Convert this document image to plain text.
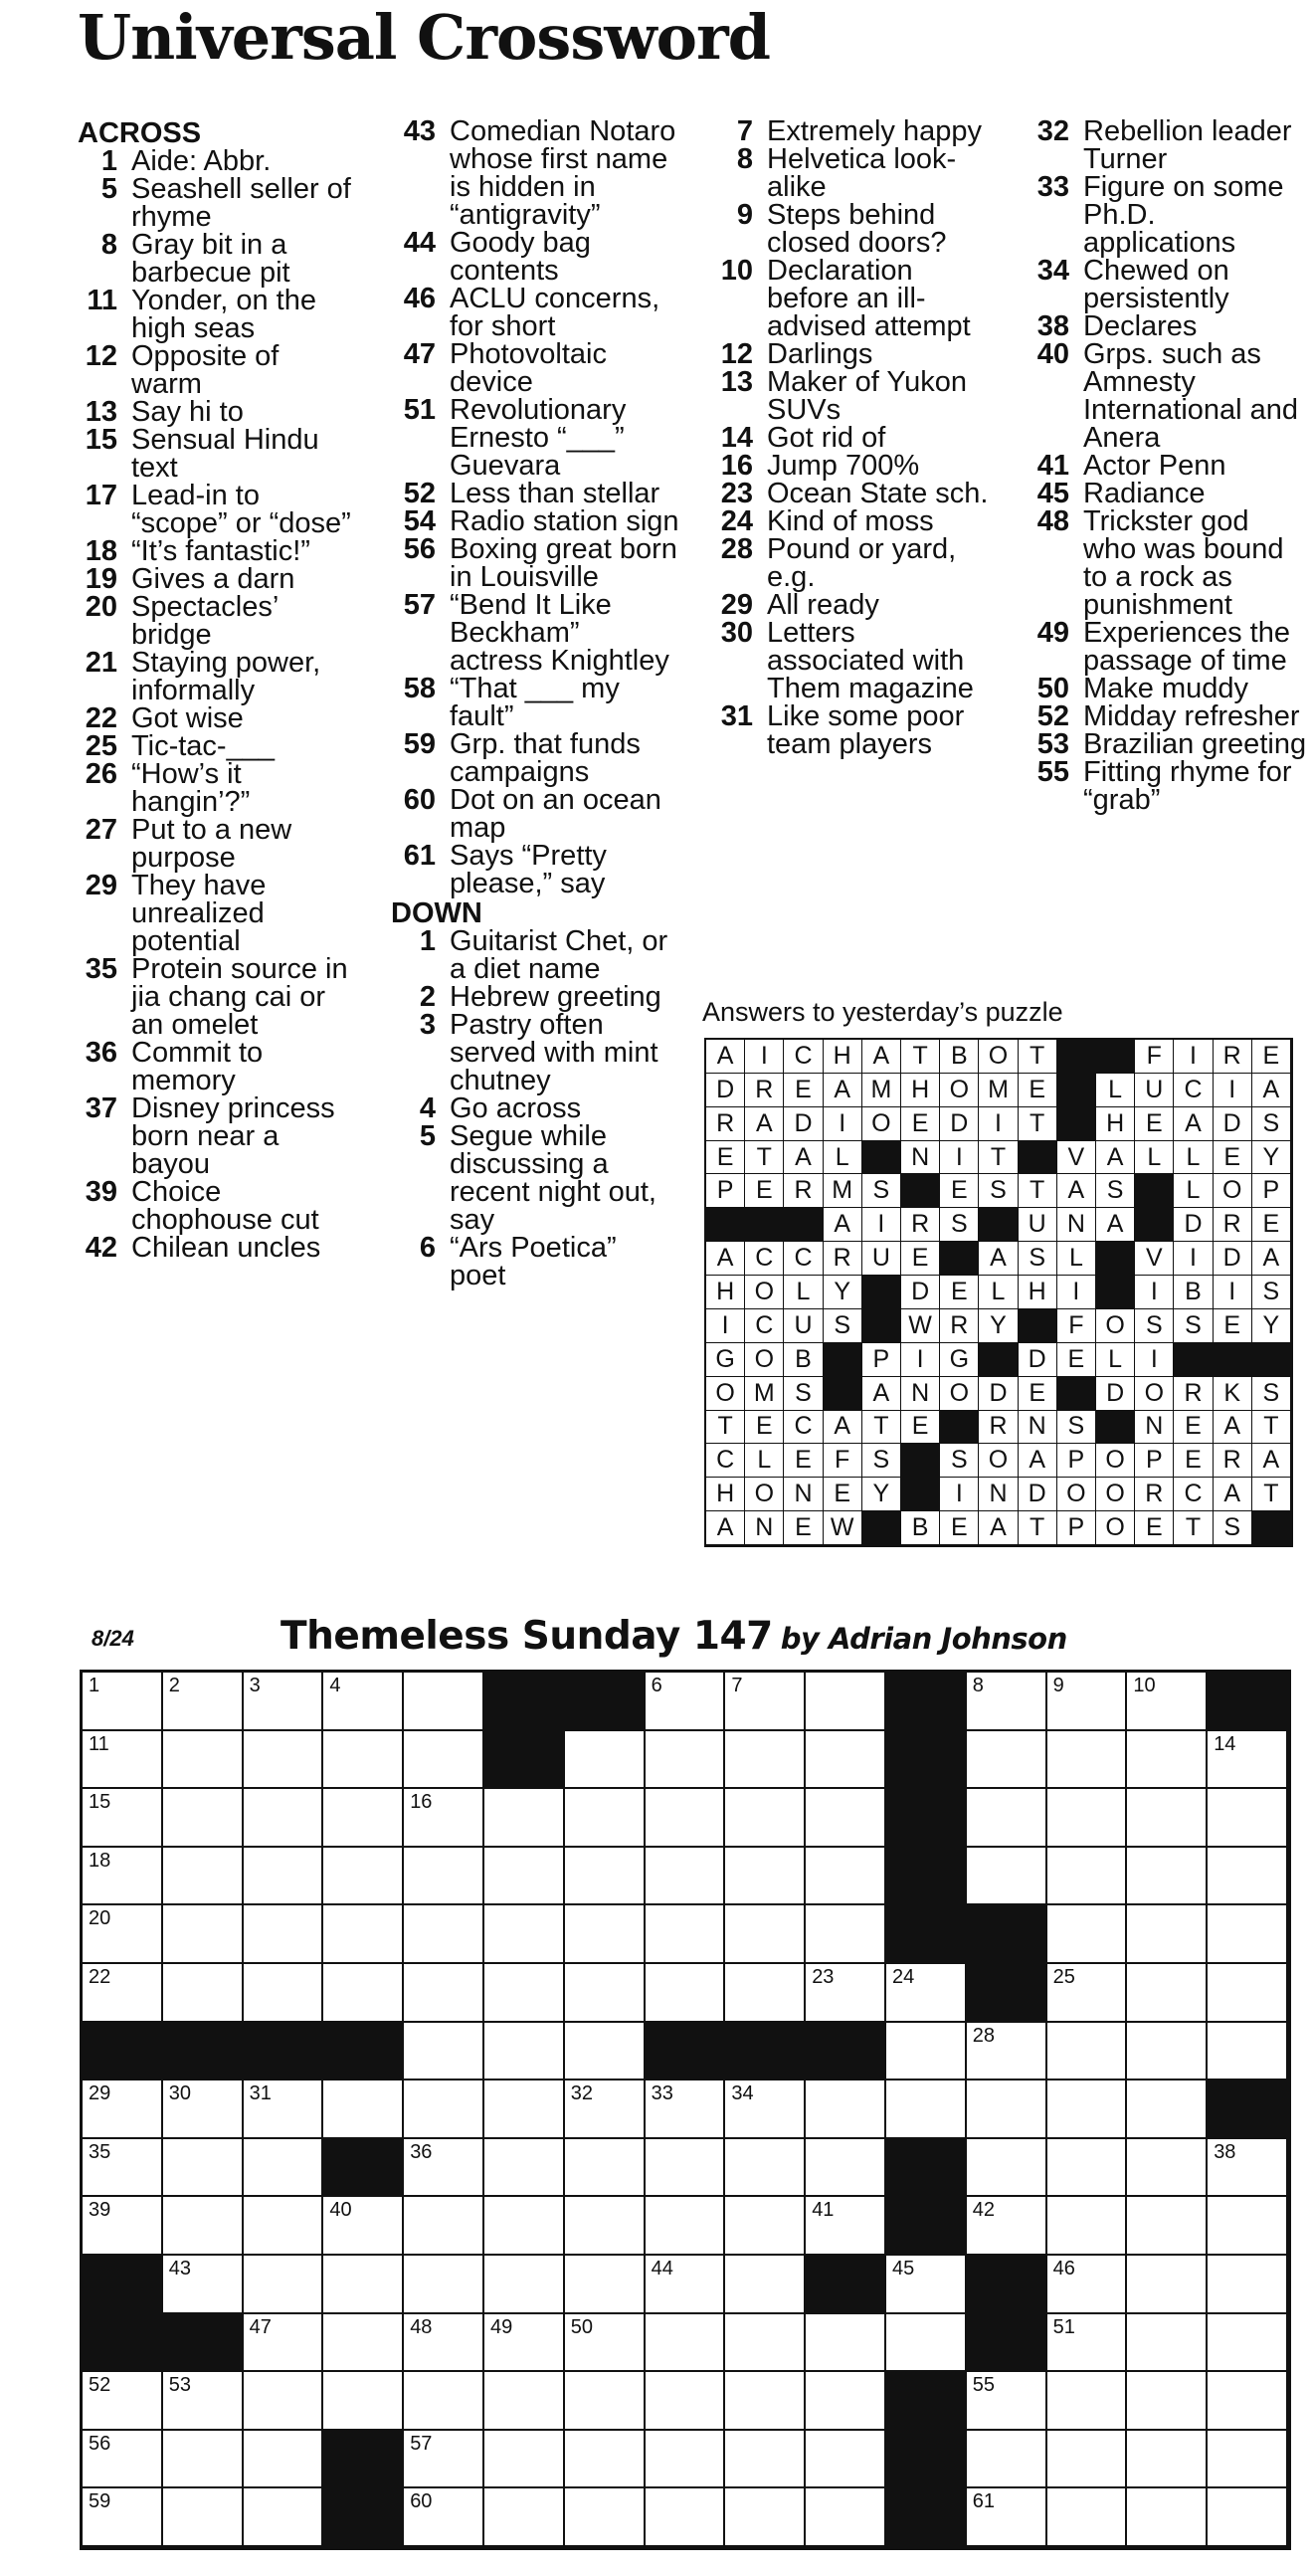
Universal Crossword
ACROSS
1 Aide: Abbr.
5 Seashell seller of rhyme
8 Gray bit in a barbecue pit
11 Yonder, on the high seas
12 Opposite of warm
13 Say hi to
15 Sensual Hindu text
17 Lead-in to “scope” or “dose”
18 “It’s fantastic!”
19 Gives a darn
20 Spectacles’ bridge
21 Staying power, informally
22 Got wise
25 Tic-tac-___
26 “How’s it hangin’?”
27 Put to a new purpose
29 They have unrealized potential
35 Protein source in jia chang cai or an omelet
36 Commit to memory
37 Disney princess born near a bayou
39 Choice chophouse cut
42 Chilean uncles
43 Comedian Notaro whose first name is hidden in “antigravity”
44 Goody bag contents
46 ACLU concerns, for short
47 Photovoltaic device
51 Revolutionary Ernesto “___” Guevara
52 Less than stellar
54 Radio station sign
56 Boxing great born in Louisville
57 “Bend It Like Beckham” actress Knightley
58 “That ___ my fault”
59 Grp. that funds campaigns
60 Dot on an ocean map
61 Says “Pretty please,” say
DOWN
1 Guitarist Chet, or a diet name
2 Hebrew greeting
3 Pastry often served with mint chutney
4 Go across
5 Segue while discussing a recent night out, say
6 “Ars Poetica” poet
7 Extremely happy
8 Helvetica look-alike
9 Steps behind closed doors?
10 Declaration before an ill-advised attempt
12 Darlings
13 Maker of Yukon SUVs
14 Got rid of
16 Jump 700%
23 Ocean State sch.
24 Kind of moss
28 Pound or yard, e.g.
29 All ready
30 Letters associated with Them magazine
31 Like some poor team players
32 Rebellion leader Turner
33 Figure on some Ph.D. applications
34 Chewed on persistently
38 Declares
40 Grps. such as Amnesty International and Anera
41 Actor Penn
45 Radiance
48 Trickster god who was bound to a rock as punishment
49 Experiences the passage of time
50 Make muddy
52 Midday refresher
53 Brazilian greeting
55 Fitting rhyme for “grab”

Answers to yesterday’s puzzle

A	I	C H A T B O T	F	I	R E
D R E A M H O M E	L U C	I	A
R A D	I	O E D	I	T	H E A D S
E T A L	N	I	T	V A L	L E Y
P E R M S	E S T A S	L O P
A	I	R S	U N A	D R E
A C C R U E	A S L	V	I	D A
H O L Y	D E L H	I	I	B	I	S
I	C U S	W R Y	F O S S E Y
G O B	P	I	G	D E L	I
O M S	A N O D E	D O R K S
T E C A T E	R N S	N E A T
C L E F S	S O A P O P E R A
H O N E Y	I	N D O O R C A T
A N E W	B E A T P O E T S

8/24	Themeless Sunday 147 by Adrian Johnson

1	2	3	4	6	7	8	9	10
11	14
15	16
18
20
22	23	24	25
28
29	30	31	32	33	34
35	36	38
39	40	41	42
43	44	45	46
47	48	49	50	51
52	53	55
56	57
59	60	61
